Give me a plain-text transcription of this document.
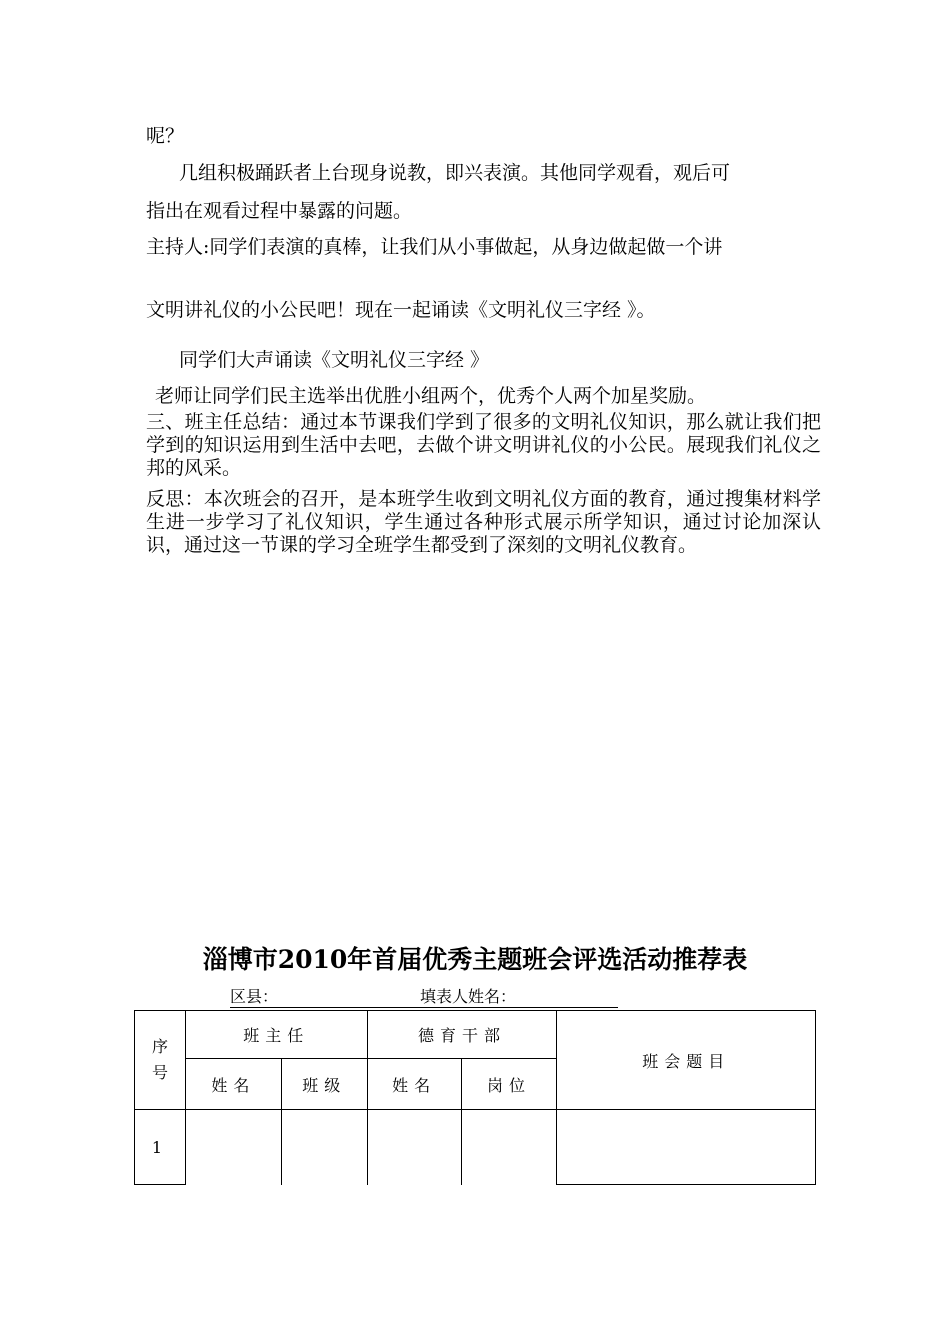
呢？
几组积极踊跃者上台现身说教，即兴表演。其他同学观看，观后可
指出在观看过程中暴露的问题。
主持人:同学们表演的真棒，让我们从小事做起，从身边做起做一个讲
文明讲礼仪的小公民吧！现在一起诵读《文明礼仪三字经 》。
同学们大声诵读《文明礼仪三字经 》
老师让同学们民主选举出优胜小组两个，优秀个人两个加星奖励。

三、班主任总结：通过本节课我们学到了很多的文明礼仪知识，那么就让我们把学到的知识运用到生活中去吧，去做个讲文明讲礼仪的小公民。展现我们礼仪之邦的风采。

反思：本次班会的召开，是本班学生收到文明礼仪方面的教育，通过搜集材料学生进一步学习了礼仪知识，学生通过各种形式展示所学知识，通过讨论加深认识，通过这一节课的学习全班学生都受到了深刻的文明礼仪教育。

淄博市2010年首届优秀主题班会评选活动推荐表
区县：	填表人姓名：
序号	班主任		德育干部		班会题目
	姓名	班级	姓名	岗位	
1					
